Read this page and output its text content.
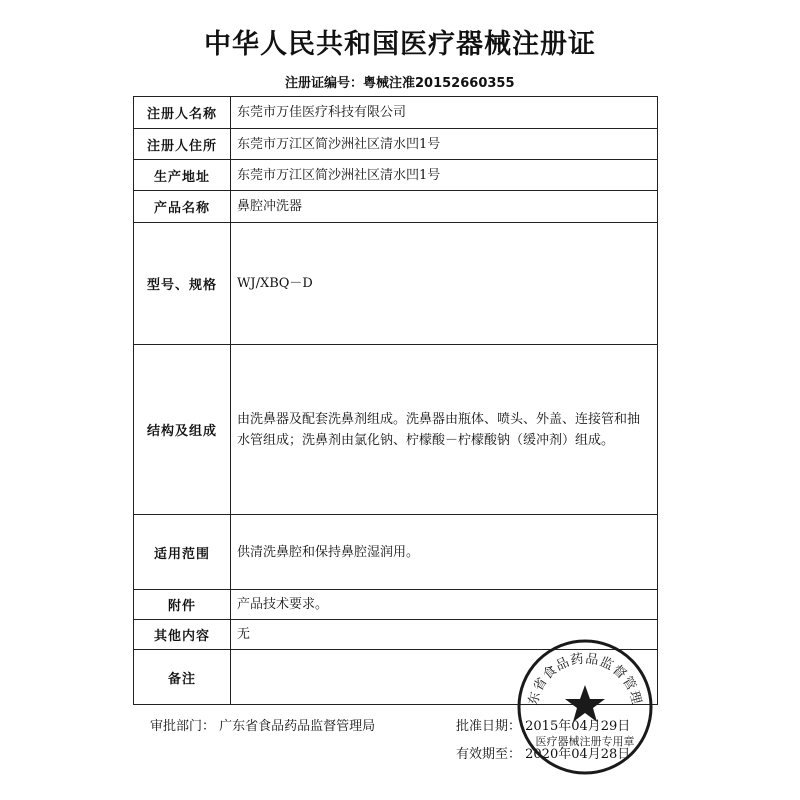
中华人民共和国医疗器械注册证
注册证编号：粤械注准20152660355
注册人名称	东莞市万佳医疗科技有限公司
注册人住所	东莞市万江区简沙洲社区清水凹1号
生产地址	东莞市万江区简沙洲社区清水凹1号
产品名称	鼻腔冲洗器
型号、规格	WJ/XBQ－D
结构及组成	由洗鼻器及配套洗鼻剂组成。洗鼻器由瓶体、喷头、外盖、连接管和抽水管组成；洗鼻剂由氯化钠、柠檬酸－柠檬酸钠（缓冲剂）组成。
适用范围	供清洗鼻腔和保持鼻腔湿润用。
附件	产品技术要求。
其他内容	无
备注	
审批部门： 广东省食品药品监督管理局	批准日期： 2015年04月29日
有效期至： 2020年04月28日
东省食品药品监督管理
医疗器械注册专用章
